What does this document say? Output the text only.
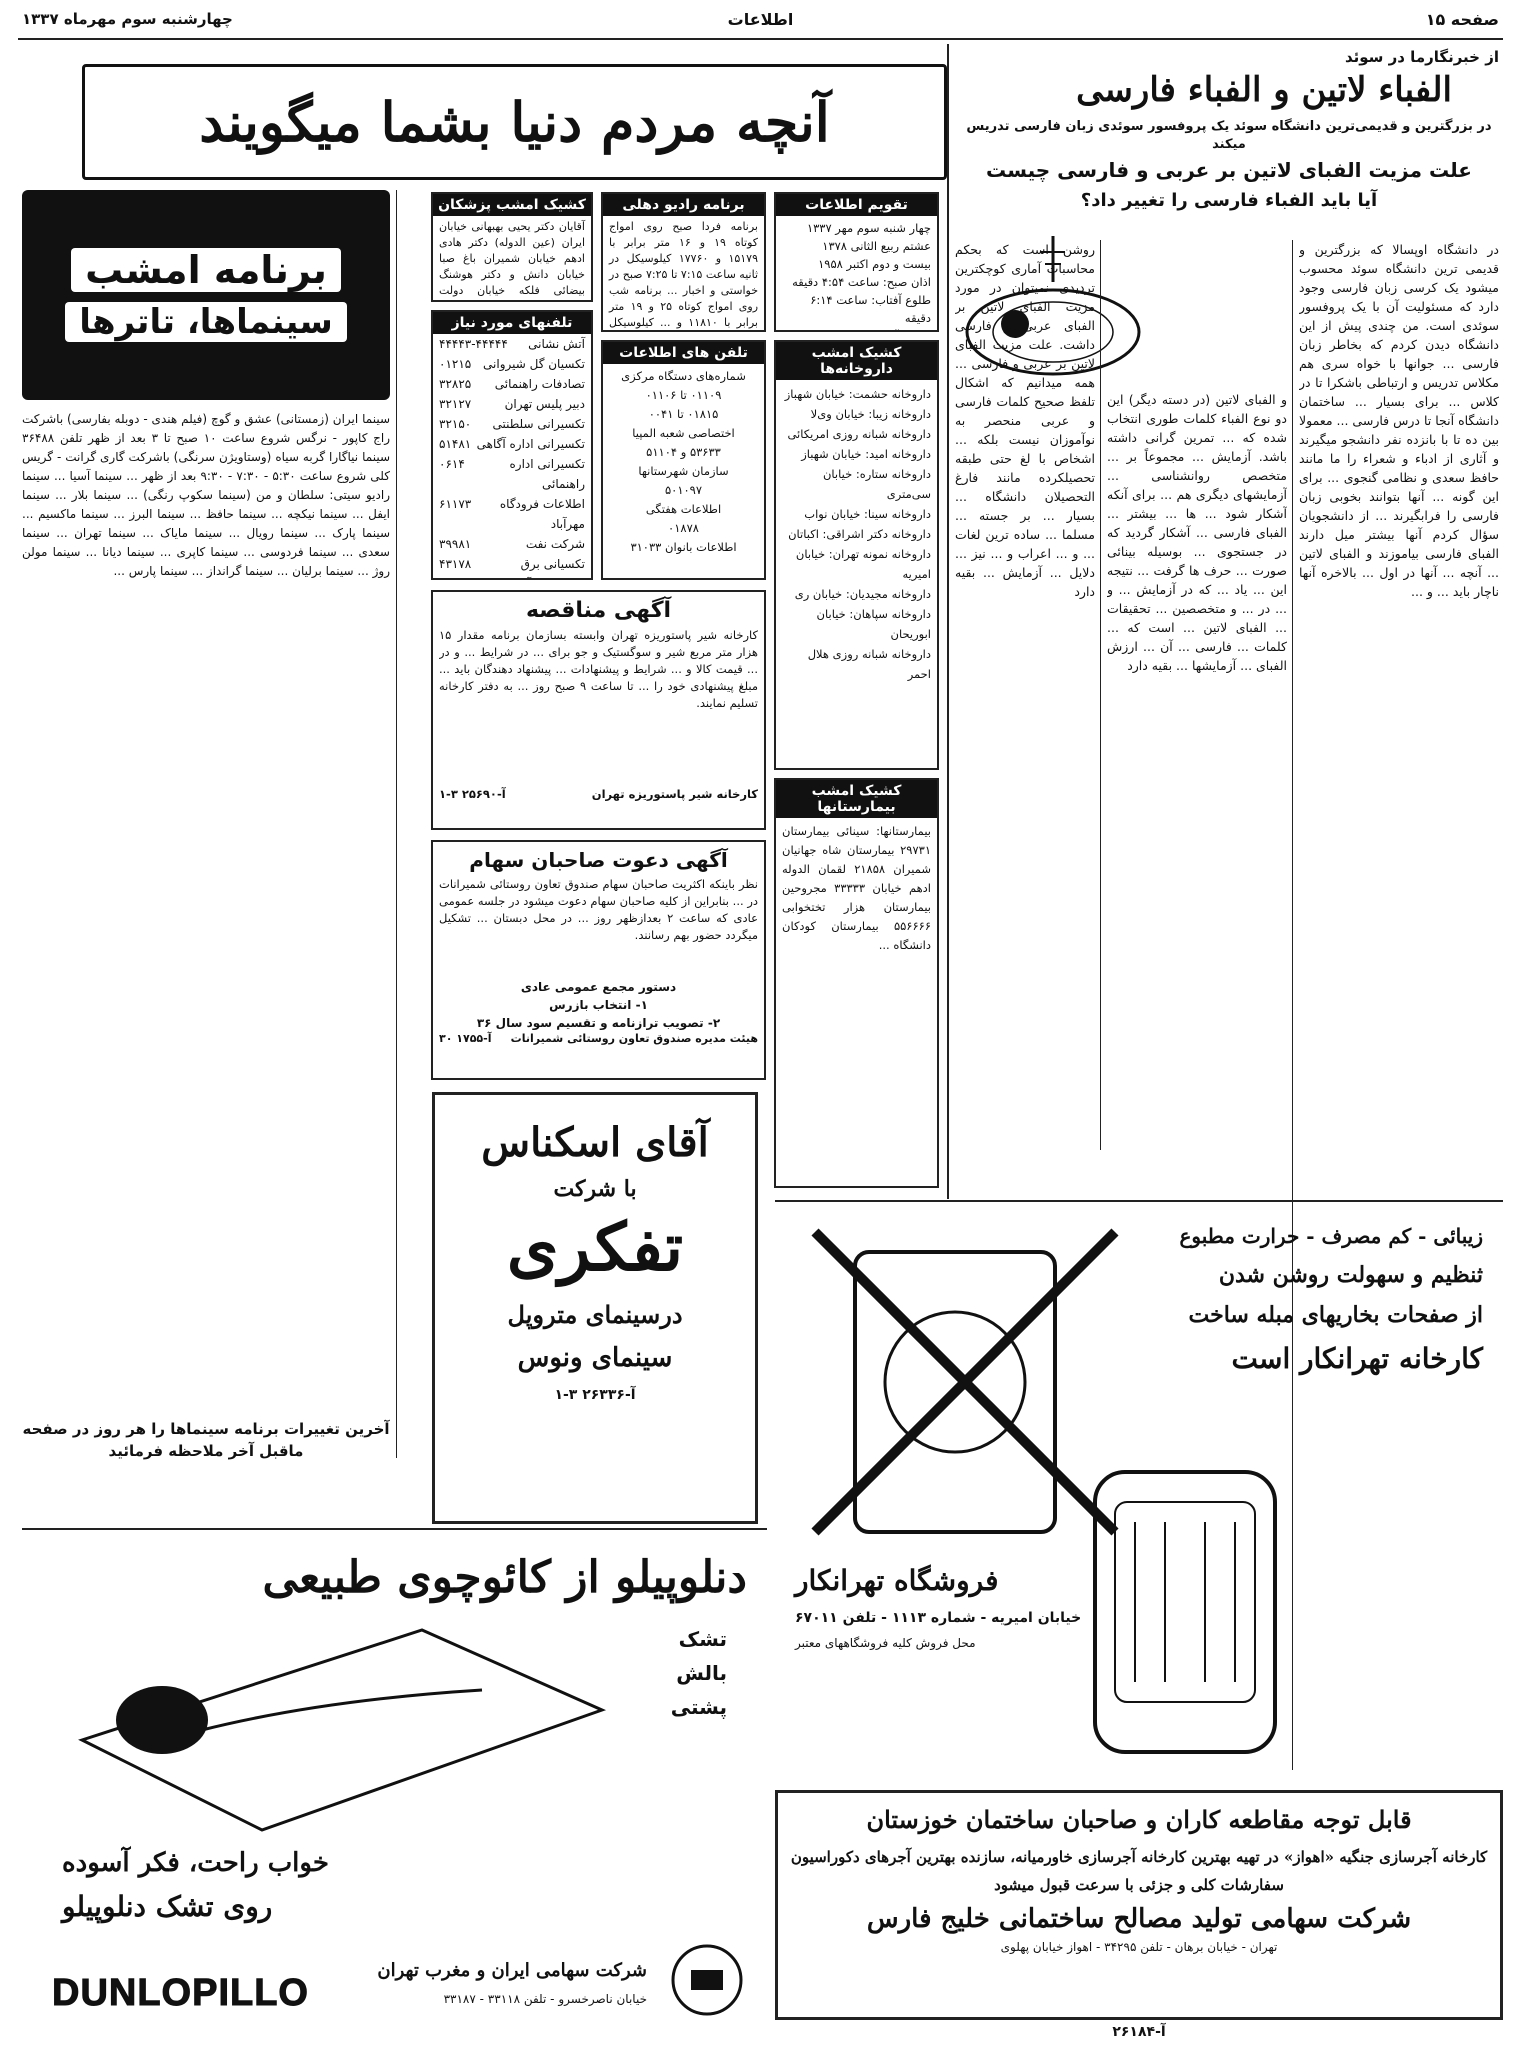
صفحه ۱۵
اطلاعات
چهارشنبه سوم مهرماه ۱۳۳۷
از خبرنگارما در سوئد
الفباء لاتین و الفباء فارسی
در بزرگترین و قدیمی‌ترین دانشگاه سوئد یک پروفسور سوئدی زبان فارسی تدریس میکند
علت مزیت الفبای لاتین بر عربی و فارسی چیست
آیا باید الفباء فارسی را تغییر داد؟
در دانشگاه اوپسالا که بزرگترین و قدیمی ترین دانشگاه سوئد محسوب میشود یک کرسی زبان فارسی وجود دارد که مسئولیت آن با یک پروفسور سوئدی است. من چندی پیش از این دانشگاه دیدن کردم که بخاطر زبان فارسی ... جوانها با خواه سری هم مکلاس تدریس و ارتباطی باشکرا تا در کلاس ... برای بسیار ... ساختمان دانشگاه آنجا تا درس فارسی ... معمولا بین ده تا با بانزده نفر دانشجو میگیرند و آثاری از ادباء و شعراء را ما مانند حافظ سعدی و نظامی گنجوی ... برای این گونه ... آنها بتوانند بخوبی زبان فارسی را فرابگیرند ... از دانشجویان سؤال کردم آنها بیشتر میل دارند الفبای فارسی بیاموزند و الفبای لاتین ... آنچه ... آنها در اول ... بالاخره آنها ناچار باید ... و ...
و الفبای لاتین (در دسته دیگر) این دو نوع الفباء کلمات طوری انتخاب شده که ... تمرین گرانی داشته باشد. آزمایش ... مجموعاً بر ... متخصص روانشناسی ... آزمایشهای دیگری هم ... برای آنکه آشکار شود ... ها ... بیشتر ... الفبای فارسی ... آشکار گردید که در جستجوی ... بوسیله بینائی صورت ... حرف ها گرفت ... نتیجه این ... یاد ... که در آزمایش ... و ... در ... و متخصصین ... تحقیقات ... الفبای لاتین ... است که ... کلمات ... فارسی ... آن ... ارزش الفبای ... آزمایشها ... بقیه دارد
روشن است که بحکم محاسبات آماری کوچکترین تردیدی نمیتوان در مورد مزیت الفبای لاتین بر الفبای عربی و فارسی داشت. علت مزیت الفبای لاتین بر عربی و فارسی ... همه میدانیم که اشکال تلفظ صحیح کلمات فارسی و عربی منحصر به نوآموزان نیست بلکه ... اشخاص با لغ حتی طبقه تحصیلکرده مانند فارغ التحصیلان دانشگاه ... بسیار ... بر جسته ... مسلما ... ساده ترین لغات ... و ... اعراب و ... نیز ... دلایل ... آزمایش ... بقیه دارد
آنچه مردم دنیا بشما میگویند
تقویم اطلاعات
چهار شنبه سوم مهر ۱۳۳۷
عشتم ربیع الثانی ۱۳۷۸
بیست و دوم اکتبر ۱۹۵۸
اذان صبح: ساعت ۴:۵۴ دقیقه
طلوع آفتاب: ساعت ۶:۱۴ دقیقه
برنامه رادیو دهلی
برنامه فردا صبح روی امواج کوتاه ۱۹ و ۱۶ متر برابر با ۱۵۱۷۹ و ۱۷۷۶۰ کیلوسیکل در ثانیه ساعت ۷:۱۵ تا ۷:۲۵ صبح در خواستی و اخبار ... برنامه شب روی امواج کوتاه ۲۵ و ۱۹ متر برابر با ۱۱۸۱۰ و ... کیلوسیکل
کشیک امشب پزشکان
آقایان دکتر یحیی بهبهانی خیابان ایران (عین الدوله) دکتر هادی ادهم خیابان شمیران باغ صبا خیابان دانش و دکتر هوشنگ بیضائی فلکه خیابان دولت
تلفنهای مورد نیاز
آتش نشانی
۴۴۴۴۳-۴۴۴۴۴
تکسیان گل شیروانی
۰۱۲۱۵
تصادفات راهنمائی
۳۲۸۲۵
دبیر پلیس تهران
۳۲۱۲۷
تکسیرانی سلطنتی
۳۲۱۵۰
تکسیرانی اداره آگاهی
۵۱۴۸۱
تکسیرانی اداره راهنمائی
۰۶۱۴
اطلاعات فرودگاه مهرآباد
۶۱۱۷۳
شرکت نفت
۳۹۹۸۱
تکسیانی برق
۴۳۱۷۸
تلفن های اطلاعات
شماره‌های دستگاه مرکزی
۰۱۱۰۹ تا ۰۱۱۰۶
۰۱۸۱۵ تا ۰۰۴۱
اختصاصی شعبه المپیا
۵۳۶۳۳ و ۵۱۱۰۴
سازمان شهرستانها
۵۰۱۰۹۷
اطلاعات هفتگی
۰۱۸۷۸
اطلاعات بانوان ۳۱۰۳۳
کشیک امشب داروخانه‌ها
داروخانه حشمت: خیابان شهباز
داروخانه زیبا: خیابان وی‌لا
داروخانه شبانه روزی امریکائی
داروخانه امید: خیابان شهباز
داروخانه ستاره: خیابان سی‌متری
داروخانه سینا: خیابان نواب
داروخانه دکتر اشراقی: اکباتان
داروخانه نمونه تهران: خیابان امیریه
داروخانه مجیدیان: خیابان ری
داروخانه سپاهان: خیابان ابوریحان
داروخانه شبانه روزی هلال احمر
کشیک امشب بیمارستانها
بیمارستانها: سینائی بیمارستان ۲۹۷۳۱ بیمارستان شاه جهانیان شمیران ۲۱۸۵۸ لقمان الدوله ادهم خیابان ۳۳۳۳۳ مجروحین بیمارستان هزار تختخوابی ۵۵۶۶۶۶ بیمارستان کودکان دانشگاه ...
آگهی مناقصه
کارخانه شیر پاستوریزه تهران وابسته بسازمان برنامه مقدار ۱۵ هزار متر مربع شیر و سوگستیک و جو برای ... در شرایط ... و در ... قیمت کالا و ... شرایط و پیشنهادات ... پیشنهاد دهندگان باید ... مبلغ پیشنهادی خود را ... تا ساعت ۹ صبح روز ... به دفتر کارخانه تسلیم نمایند.
کارخانه شیر پاستوریزه تهران
آ-۲۵۶۹۰ ۳-۱
آگهی دعوت صاحبان سهام
نظر باینکه اکثریت صاحبان سهام صندوق تعاون روستائی شمیرانات در ... بنابراین از کلیه صاحبان سهام دعوت میشود در جلسه عمومی عادی که ساعت ۲ بعدازظهر روز ... در محل دبستان ... تشکیل میگردد حضور بهم رسانند.
دستور مجمع عمومی عادی
۱- انتخاب بازرس
۲- تصویب ترازنامه و تقسیم سود سال ۳۶
هیئت مدیره صندوق تعاون روستائی شمیرانات
آ-۱۷۵۵ ۳۰
برنامه امشب
سینماها، تاترها
سینما ایران (زمستانی) عشق و گوچ (فیلم هندی - دوبله بفارسی) باشرکت راج کاپور - نرگس شروع ساعت ۱۰ صبح تا ۳ بعد از ظهر تلفن ۳۶۴۸۸ سینما نیاگارا گربه سیاه (وستاویژن سرنگی) باشرکت گاری گرانت - گریس کلی شروع ساعت ۵:۳۰ - ۷:۳۰ - ۹:۳۰ بعد از ظهر ... سینما آسیا ... سینما رادیو سیتی: سلطان و من (سینما سکوپ رنگی) ... سینما بلار ... سینما ایفل ... سینما نیکچه ... سینما حافظ ... سینما البرز ... سینما ماکسیم ... سینما پارک ... سینما رویال ... سینما مایاک ... سینما تهران ... سینما سعدی ... سینما فردوسی ... سینما کاپری ... سینما دیانا ... سینما مولن روژ ... سینما برلیان ... سینما گرانداز ... سینما پارس ...
آخرین تغییرات برنامه سینماها را هر روز در صفحه ماقبل آخر ملاحظه فرمائید
آقای اسکناس
با شرکت
تفکری
درسینمای متروپل
سینمای ونوس
آ-۲۶۳۳۶ ۳-۱
زیبائی - کم مصرف - حرارت مطبوع
ثنظیم و سهولت روشن شدن
از صفحات بخاریهای مبله ساخت
کارخانه تهرانکار است
فروشگاه تهرانکار
خیابان امیریه - شماره ۱۱۱۳ - تلفن ۶۷۰۱۱
محل فروش کلیه فروشگاههای معتبر
دنلوپیلو از کائوچوی طبیعی
تشک
بالش
پشتی
خواب راحت، فکر آسوده
روی تشک دنلوپیلو
DUNLOPILLO
شرکت سهامی ایران و مغرب تهران
خیابان ناصرخسرو - تلفن ۳۳۱۱۸ - ۳۳۱۸۷
قابل توجه مقاطعه کاران و صاحبان ساختمان خوزستان
کارخانه آجرسازی جنگیه «اهواز» در تهیه بهترین کارخانه آجرسازی خاورمیانه، سازنده بهترین آجرهای دکوراسیون
سفارشات کلی و جزئی با سرعت قبول میشود
شرکت سهامی تولید مصالح ساختمانی خلیج فارس
تهران - خیابان برهان - تلفن ۳۴۲۹۵ - اهواز خیابان پهلوی
آ-۲۶۱۸۴
